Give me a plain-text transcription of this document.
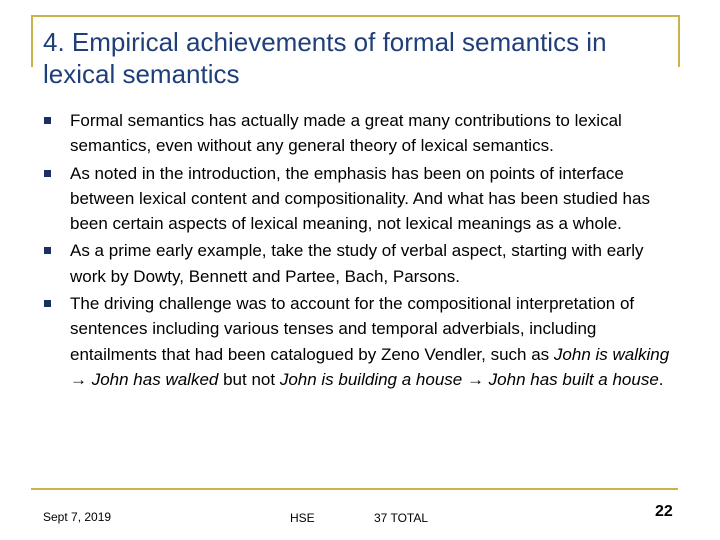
4. Empirical achievements of formal semantics in lexical semantics
Formal semantics has actually made a great many contributions to lexical semantics, even without any general theory of lexical semantics.
As noted in the introduction, the emphasis has been on points of interface between lexical content and compositionality. And what has been studied has been certain aspects of lexical meaning, not lexical meanings as a whole.
As a prime early example, take the study of verbal aspect, starting with early work by Dowty, Bennett and Partee, Bach, Parsons.
The driving challenge was to account for the compositional interpretation of sentences including various tenses and temporal adverbials, including entailments that had been catalogued by Zeno Vendler, such as John is walking → John has walked but not John is building a house → John has built a house.
Sept 7, 2019	HSE	37 TOTAL	22
